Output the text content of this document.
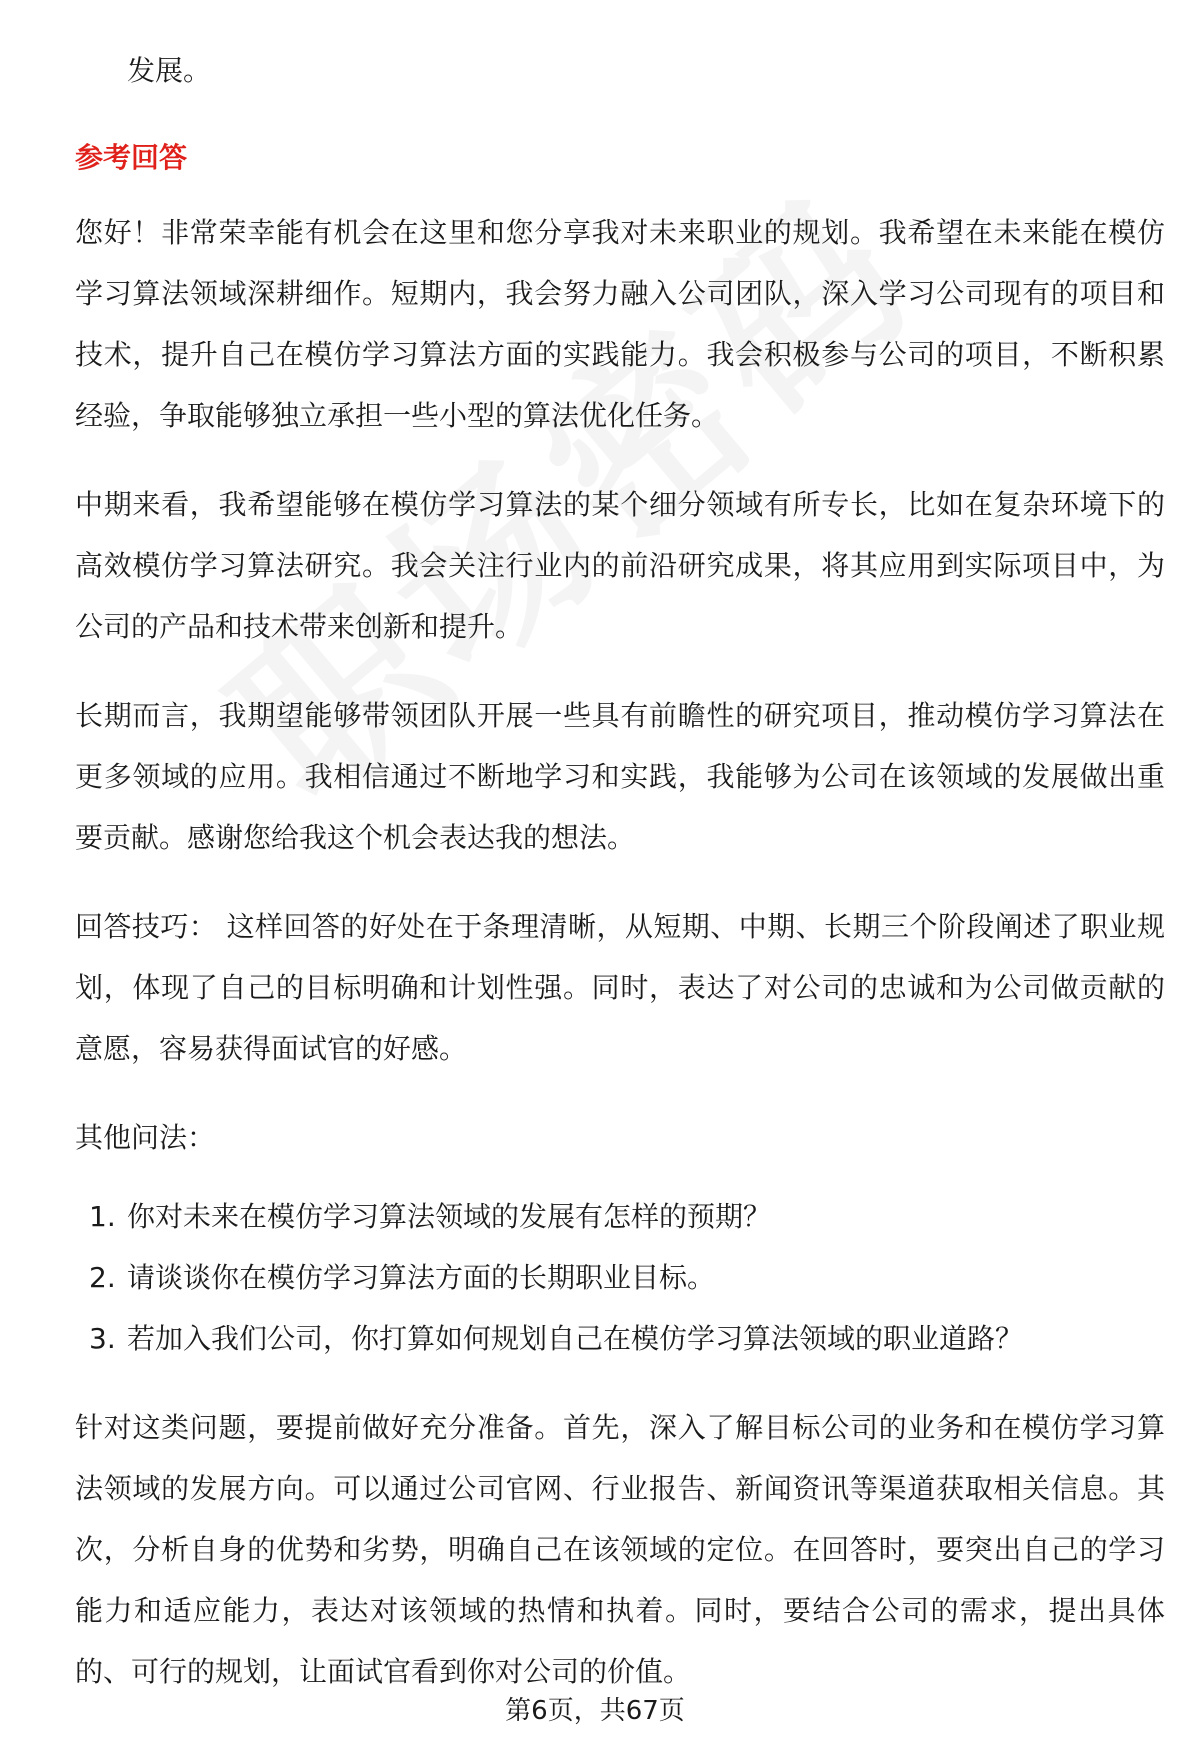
发展。

参考回答

您好！非常荣幸能有机会在这里和您分享我对未来职业的规划。我希望在未来能在模仿学习算法领域深耕细作。短期内，我会努力融入公司团队，深入学习公司现有的项目和技术，提升自己在模仿学习算法方面的实践能力。我会积极参与公司的项目，不断积累经验，争取能够独立承担一些小型的算法优化任务。

中期来看，我希望能够在模仿学习算法的某个细分领域有所专长，比如在复杂环境下的高效模仿学习算法研究。我会关注行业内的前沿研究成果，将其应用到实际项目中，为公司的产品和技术带来创新和提升。

长期而言，我期望能够带领团队开展一些具有前瞻性的研究项目，推动模仿学习算法在更多领域的应用。我相信通过不断地学习和实践，我能够为公司在该领域的发展做出重要贡献。感谢您给我这个机会表达我的想法。

回答技巧： 这样回答的好处在于条理清晰，从短期、中期、长期三个阶段阐述了职业规划，体现了自己的目标明确和计划性强。同时，表达了对公司的忠诚和为公司做贡献的意愿，容易获得面试官的好感。

其他问法：

1. 你对未来在模仿学习算法领域的发展有怎样的预期？
2. 请谈谈你在模仿学习算法方面的长期职业目标。
3. 若加入我们公司，你打算如何规划自己在模仿学习算法领域的职业道路？

针对这类问题，要提前做好充分准备。首先，深入了解目标公司的业务和在模仿学习算法领域的发展方向。可以通过公司官网、行业报告、新闻资讯等渠道获取相关信息。其次，分析自身的优势和劣势，明确自己在该领域的定位。在回答时，要突出自己的学习能力和适应能力，表达对该领域的热情和执着。同时，要结合公司的需求，提出具体的、可行的规划，让面试官看到你对公司的价值。

第6页，共67页
